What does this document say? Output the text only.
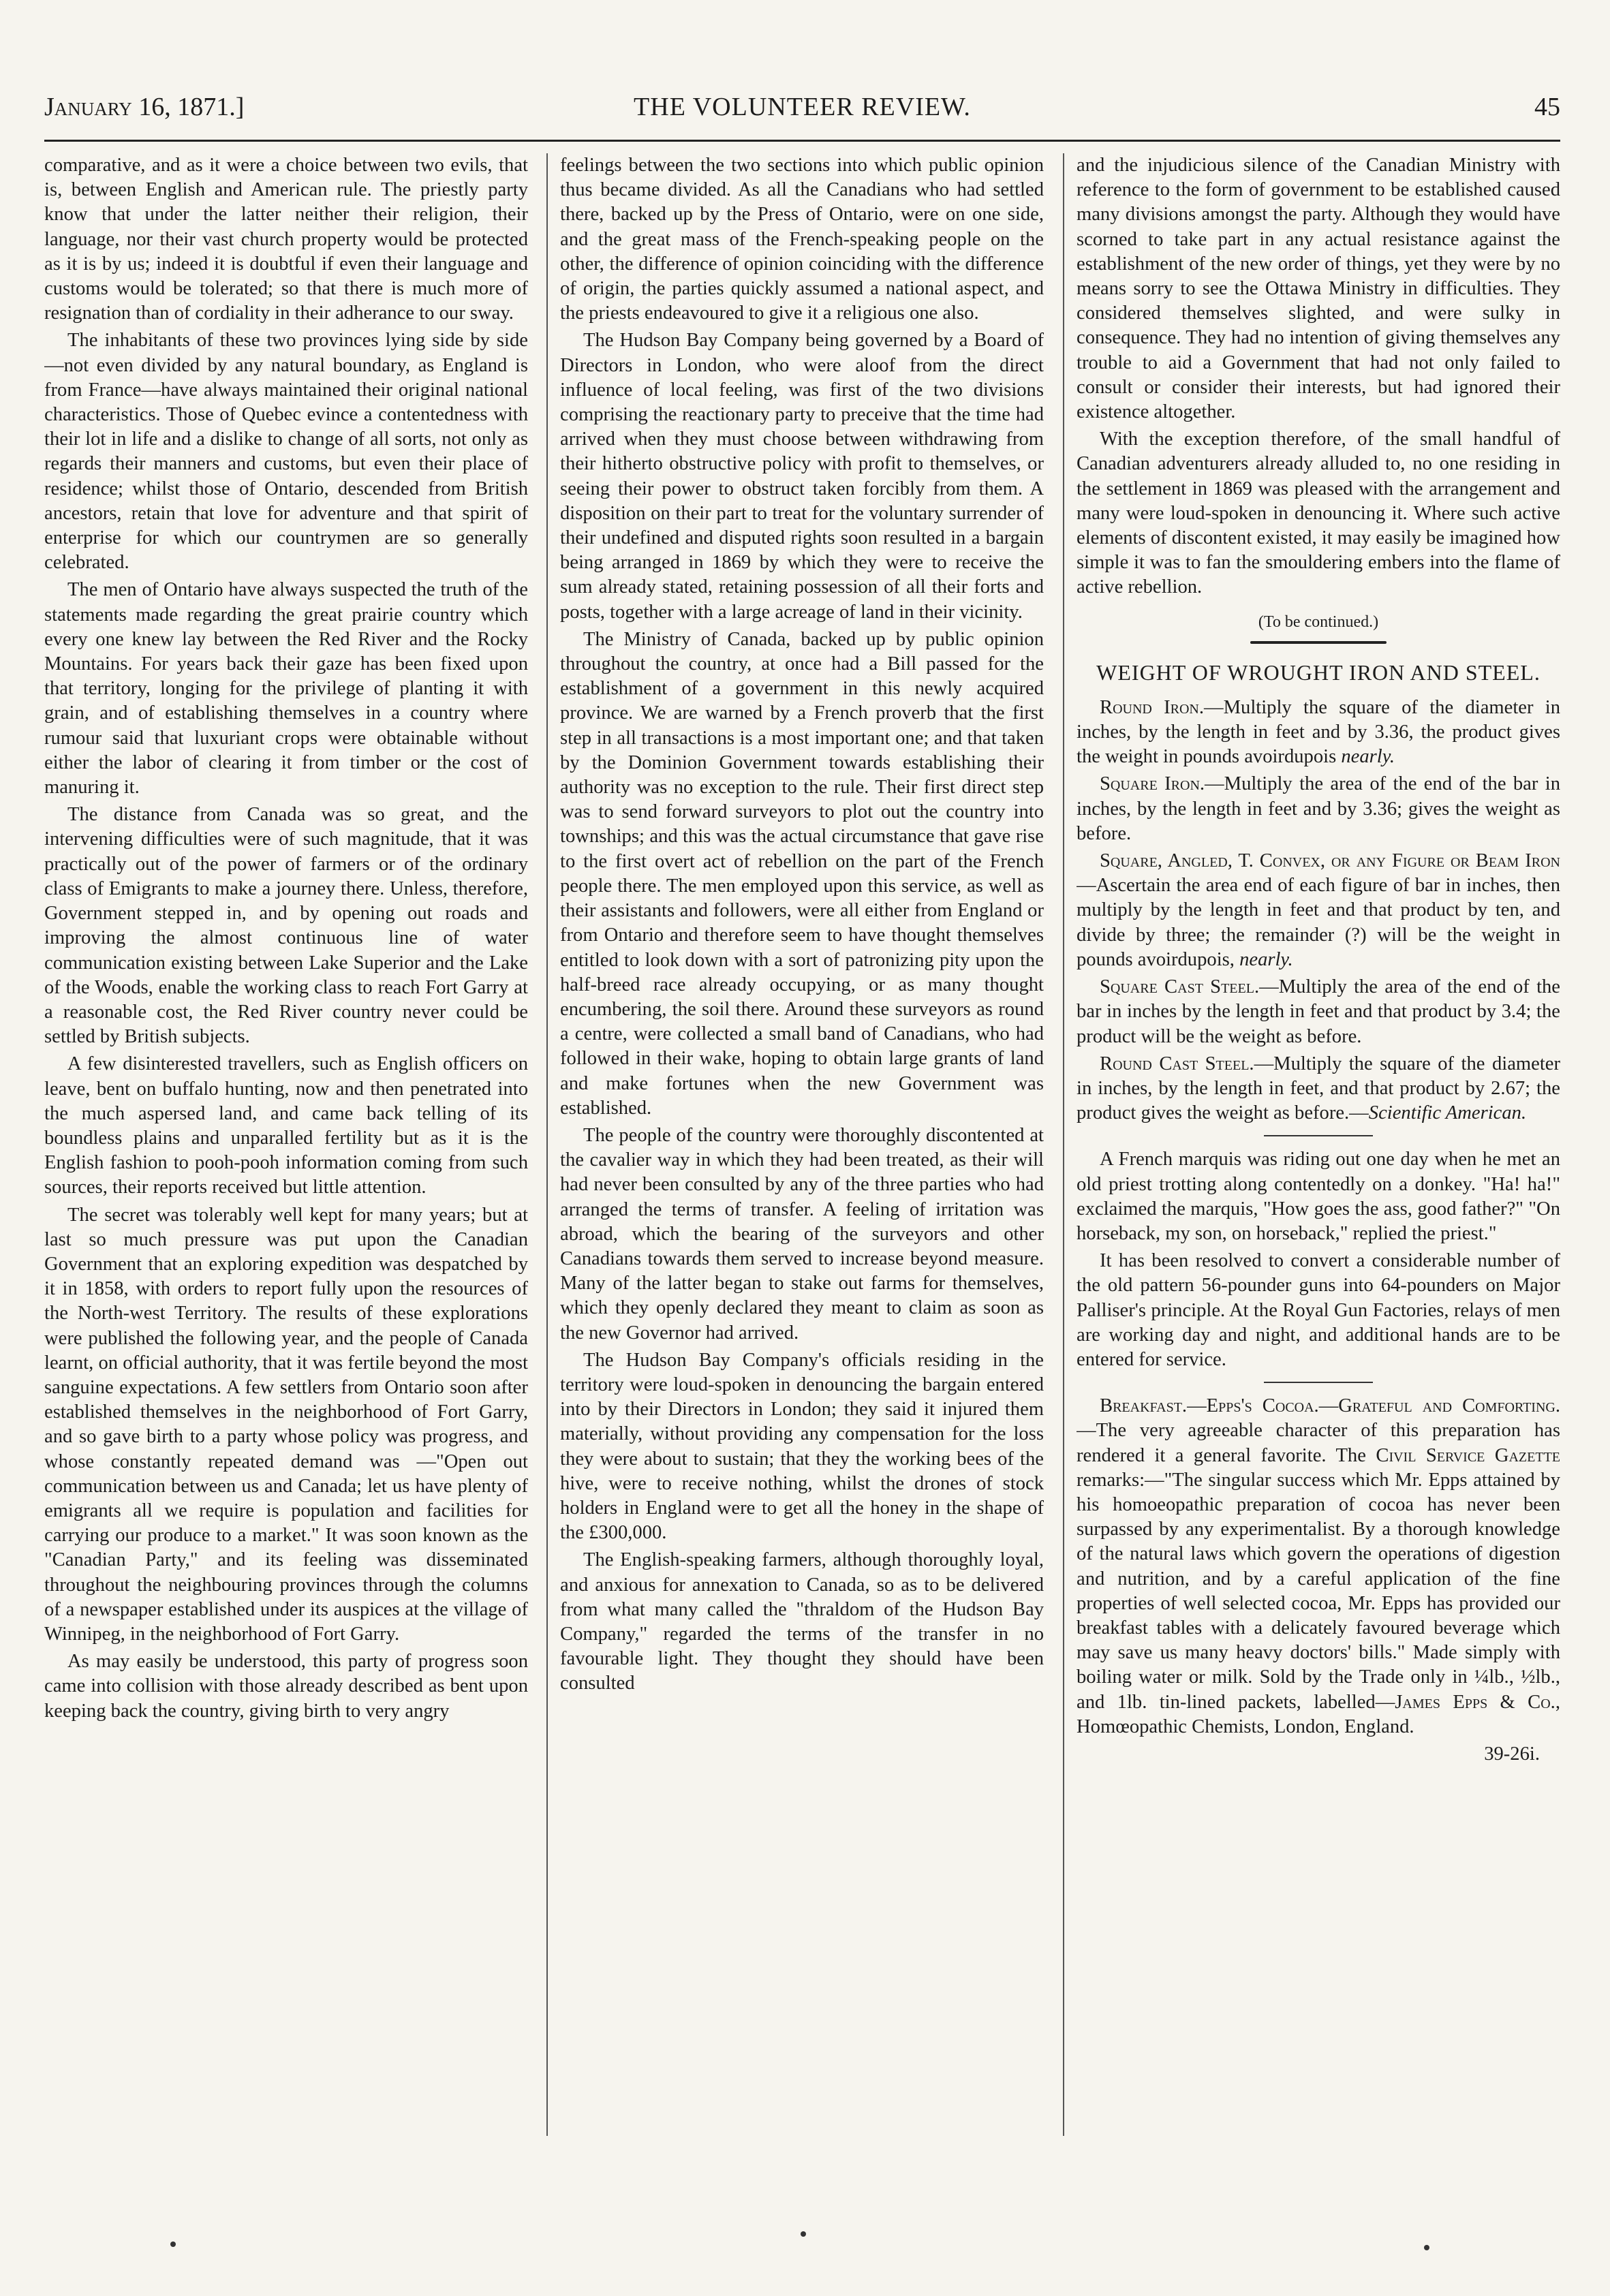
January 16, 1871.]	THE VOLUNTEER REVIEW.	45

comparative, and as it were a choice between two evils, that is, between English and American rule. The priestly party know that under the latter neither their religion, their language, nor their vast church property would be protected as it is by us; indeed it is doubtful if even their language and customs would be tolerated; so that there is much more of resignation than of cordiality in their adherance to our sway.

The inhabitants of these two provinces lying side by side—not even divided by any natural boundary, as England is from France—have always maintained their original national characteristics. Those of Quebec evince a contentedness with their lot in life and a dislike to change of all sorts, not only as regards their manners and customs, but even their place of residence; whilst those of Ontario, descended from British ancestors, retain that love for adventure and that spirit of enterprise for which our countrymen are so generally celebrated.

The men of Ontario have always suspected the truth of the statements made regarding the great prairie country which every one knew lay between the Red River and the Rocky Mountains. For years back their gaze has been fixed upon that territory, longing for the privilege of planting it with grain, and of establishing themselves in a country where rumour said that luxuriant crops were obtainable without either the labor of clearing it from timber or the cost of manuring it.

The distance from Canada was so great, and the intervening difficulties were of such magnitude, that it was practically out of the power of farmers or of the ordinary class of Emigrants to make a journey there. Unless, therefore, Government stepped in, and by opening out roads and improving the almost continuous line of water communication existing between Lake Superior and the Lake of the Woods, enable the working class to reach Fort Garry at a reasonable cost, the Red River country never could be settled by British subjects.

A few disinterested travellers, such as English officers on leave, bent on buffalo hunting, now and then penetrated into the much aspersed land, and came back telling of its boundless plains and unparalled fertility but as it is the English fashion to pooh-pooh information coming from such sources, their reports received but little attention.

The secret was tolerably well kept for many years; but at last so much pressure was put upon the Canadian Government that an exploring expedition was despatched by it in 1858, with orders to report fully upon the resources of the North-west Territory. The results of these explorations were published the following year, and the people of Canada learnt, on official authority, that it was fertile beyond the most sanguine expectations. A few settlers from Ontario soon after established themselves in the neighborhood of Fort Garry, and so gave birth to a party whose policy was progress, and whose constantly repeated demand was —"Open out communication between us and Canada; let us have plenty of emigrants all we require is population and facilities for carrying our produce to a market." It was soon known as the "Canadian Party," and its feeling was disseminated throughout the neighbouring provinces through the columns of a newspaper established under its auspices at the village of Winnipeg, in the neighborhood of Fort Garry.

As may easily be understood, this party of progress soon came into collision with those already described as bent upon keeping back the country, giving birth to very angry

feelings between the two sections into which public opinion thus became divided. As all the Canadians who had settled there, backed up by the Press of Ontario, were on one side, and the great mass of the French-speaking people on the other, the difference of opinion coinciding with the difference of origin, the parties quickly assumed a national aspect, and the priests endeavoured to give it a religious one also.

The Hudson Bay Company being governed by a Board of Directors in London, who were aloof from the direct influence of local feeling, was first of the two divisions comprising the reactionary party to preceive that the time had arrived when they must choose between withdrawing from their hitherto obstructive policy with profit to themselves, or seeing their power to obstruct taken forcibly from them. A disposition on their part to treat for the voluntary surrender of their undefined and disputed rights soon resulted in a bargain being arranged in 1869 by which they were to receive the sum already stated, retaining possession of all their forts and posts, together with a large acreage of land in their vicinity.

The Ministry of Canada, backed up by public opinion throughout the country, at once had a Bill passed for the establishment of a government in this newly acquired province. We are warned by a French proverb that the first step in all transactions is a most important one; and that taken by the Dominion Government towards establishing their authority was no exception to the rule. Their first direct step was to send forward surveyors to plot out the country into townships; and this was the actual circumstance that gave rise to the first overt act of rebellion on the part of the French people there. The men employed upon this service, as well as their assistants and followers, were all either from England or from Ontario and therefore seem to have thought themselves entitled to look down with a sort of patronizing pity upon the half-breed race already occupying, or as many thought encumbering, the soil there. Around these surveyors as round a centre, were collected a small band of Canadians, who had followed in their wake, hoping to obtain large grants of land and make fortunes when the new Government was established.

The people of the country were thoroughly discontented at the cavalier way in which they had been treated, as their will had never been consulted by any of the three parties who had arranged the terms of transfer. A feeling of irritation was abroad, which the bearing of the surveyors and other Canadians towards them served to increase beyond measure. Many of the latter began to stake out farms for themselves, which they openly declared they meant to claim as soon as the new Governor had arrived.

The Hudson Bay Company's officials residing in the territory were loud-spoken in denouncing the bargain entered into by their Directors in London; they said it injured them materially, without providing any compensation for the loss they were about to sustain; that they the working bees of the hive, were to receive nothing, whilst the drones of stock holders in England were to get all the honey in the shape of the £300,000.

The English-speaking farmers, although thoroughly loyal, and anxious for annexation to Canada, so as to be delivered from what many called the "thraldom of the Hudson Bay Company," regarded the terms of the transfer in no favourable light. They thought they should have been consulted

and the injudicious silence of the Canadian Ministry with reference to the form of government to be established caused many divisions amongst the party. Although they would have scorned to take part in any actual resistance against the establishment of the new order of things, yet they were by no means sorry to see the Ottawa Ministry in difficulties. They considered themselves slighted, and were sulky in consequence. They had no intention of giving themselves any trouble to aid a Government that had not only failed to consult or consider their interests, but had ignored their existence altogether.

With the exception therefore, of the small handful of Canadian adventurers already alluded to, no one residing in the settlement in 1869 was pleased with the arrangement and many were loud-spoken in denouncing it. Where such active elements of discontent existed, it may easily be imagined how simple it was to fan the smouldering embers into the flame of active rebellion.

(To be continued.)
WEIGHT OF WROUGHT IRON AND STEEL.

Round Iron.—Multiply the square of the diameter in inches, by the length in feet and by 3.36, the product gives the weight in pounds avoirdupois nearly.

Square Iron.—Multiply the area of the end of the bar in inches, by the length in feet and by 3.36; gives the weight as before.

Square, Angled, T. Convex, or any Figure or Beam Iron —Ascertain the area end of each figure of bar in inches, then multiply by the length in feet and that product by ten, and divide by three; the remainder (?) will be the weight in pounds avoirdupois, nearly.

Square Cast Steel.—Multiply the area of the end of the bar in inches by the length in feet and that product by 3.4; the product will be the weight as before.

Round Cast Steel.—Multiply the square of the diameter in inches, by the length in feet, and that product by 2.67; the product gives the weight as before.—Scientific American.

A French marquis was riding out one day when he met an old priest trotting along contentedly on a donkey. "Ha! ha!" exclaimed the marquis, "How goes the ass, good father?" "On horseback, my son, on horseback," replied the priest."

It has been resolved to convert a considerable number of the old pattern 56-pounder guns into 64-pounders on Major Palliser's principle. At the Royal Gun Factories, relays of men are working day and night, and additional hands are to be entered for service.

Breakfast.—Epps's Cocoa.—Grateful and Comforting.—The very agreeable character of this preparation has rendered it a general favorite. The Civil Service Gazette remarks:—"The singular success which Mr. Epps attained by his homoeopathic preparation of cocoa has never been surpassed by any experimentalist. By a thorough knowledge of the natural laws which govern the operations of digestion and nutrition, and by a careful application of the fine properties of well selected cocoa, Mr. Epps has provided our breakfast tables with a delicately favoured beverage which may save us many heavy doctors' bills." Made simply with boiling water or milk. Sold by the Trade only in ¼lb., ½lb., and 1lb. tin-lined packets, labelled—James Epps & Co., Homœopathic Chemists, London, England.

39-26i.
